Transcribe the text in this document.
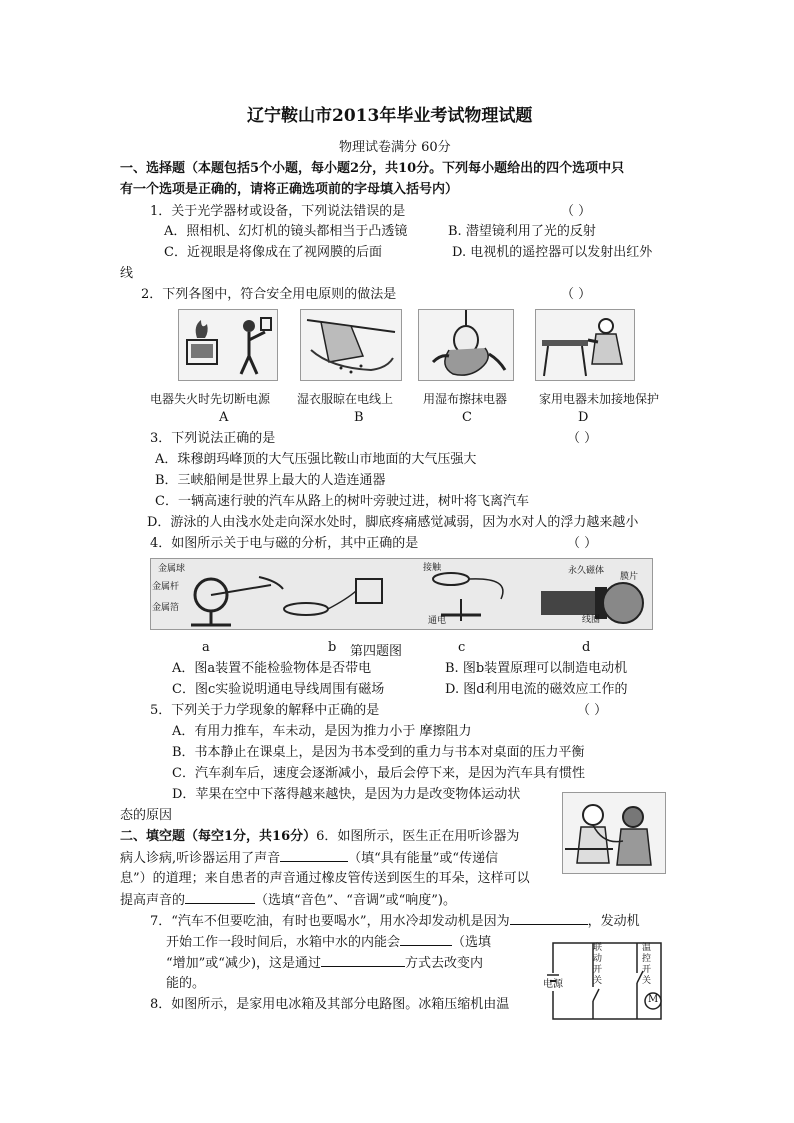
辽宁鞍山市2013年毕业考试物理试题
物理试卷满分 60分
一、选择题（本题包括5个小题，每小题2分，共10分。下列每小题给出的四个选项中只
有一个选项是正确的，请将正确选项前的字母填入括号内）
1．关于光学器材或设备，下列说法错误的是	（ ）
A．照相机、幻灯机的镜头都相当于凸透镜	B. 潜望镜利用了光的反射
C．近视眼是将像成在了视网膜的后面	D. 电视机的遥控器可以发射出红外
线
2．下列各图中，符合安全用电原则的做法是	（ ）
电器失火时先切断电源 湿衣服晾在电线上 用湿布擦抹电器	家用电器未加接地保护
A	B	C	D
3．下列说法正确的是	（ ）
A．珠穆朗玛峰顶的大气压强比鞍山市地面的大气压强大
B．三峡船闸是世界上最大的人造连通器
C．一辆高速行驶的汽车从路上的树叶旁驶过进，树叶将飞离汽车
D．游泳的人由浅水处走向深水处时，脚底疼痛感觉减弱，因为水对人的浮力越来越小
4．如图所示关于电与磁的分析，其中正确的是	（ ）
金属球
金属杆
金属箔
接触
通电
永久磁体
膜片
线圈
a	b 第四题图	c	d
A．图a装置不能检验物体是否带电	B. 图b装置原理可以制造电动机
C．图c实验说明通电导线周围有磁场	D. 图d利用电流的磁效应工作的
5．下列关于力学现象的解释中正确的是	（ ）
A．有用力推车，车未动，是因为推力小于 摩擦阻力
B．书本静止在课桌上，是因为书本受到的重力与书本对桌面的压力平衡
C．汽车刹车后，速度会逐渐减小，最后会停下来，是因为汽车具有惯性
D．苹果在空中下落得越来越快，是因为力是改变物体运动状
态的原因
二、填空题（每空1分，共16分）6．如图所示，医生正在用听诊器为
病人诊病,听诊器运用了声音	（填“具有能量”或“传递信
息”）的道理；来自患者的声音通过橡皮管传送到医生的耳朵，这样可以
提高声音的	（选填“音色”、“音调”或“响度”)。
7．“汽车不但要吃油，有时也要喝水”，用水冷却发动机是因为	，发动机
开始工作一段时间后，水箱中水的内能会	（选填
“增加”或“减少)，这是通过	方式去改变内
能的。
8．如图所示，是家用电冰箱及其部分电路图。冰箱压缩机由温
电源
联动开关
温控开关
M
